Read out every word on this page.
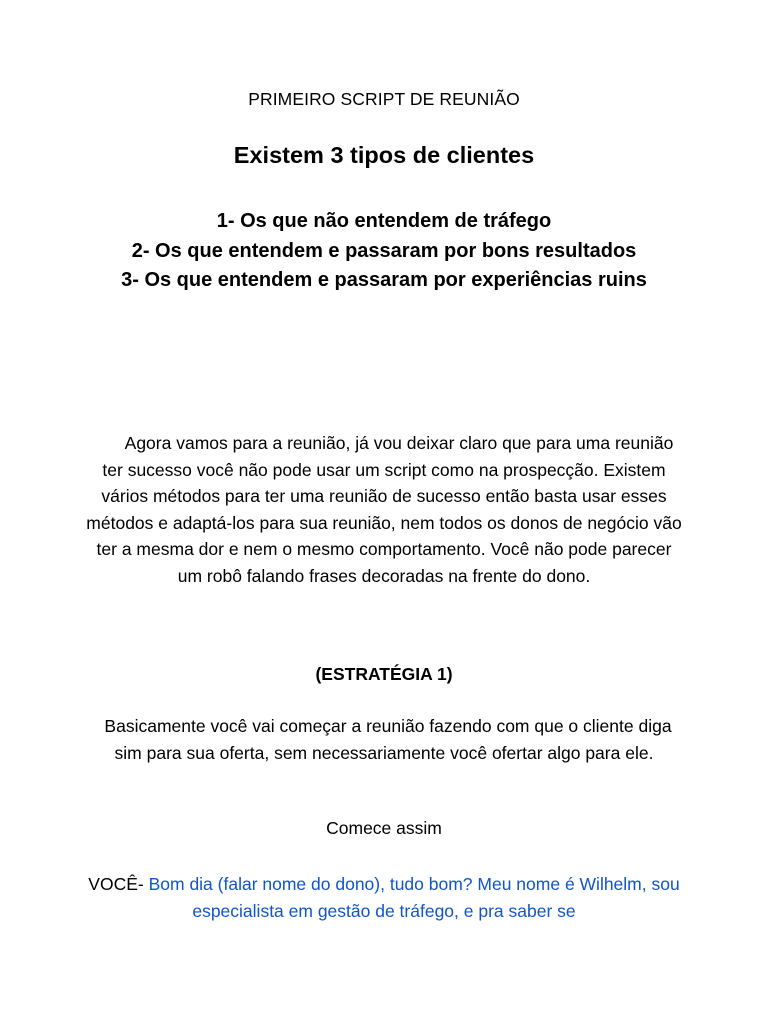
PRIMEIRO SCRIPT DE REUNIÃO
Existem 3 tipos de clientes
1- Os que não entendem de tráfego
2- Os que entendem e passaram por bons resultados
3- Os que entendem e passaram por experiências ruins

Agora vamos para a reunião, já vou deixar claro que para uma reunião ter sucesso você não pode usar um script como na prospecção. Existem vários métodos para ter uma reunião de sucesso então basta usar esses métodos e adaptá-los para sua reunião, nem todos os donos de negócio vão ter a mesma dor e nem o mesmo comportamento. Você não pode parecer um robô falando frases decoradas na frente do dono.

(ESTRATÉGIA 1)

Basicamente você vai começar a reunião fazendo com que o cliente diga sim para sua oferta, sem necessariamente você ofertar algo para ele.

Comece assim

VOCÊ- Bom dia (falar nome do dono), tudo bom? Meu nome é Wilhelm, sou especialista em gestão de tráfego, e pra saber se
